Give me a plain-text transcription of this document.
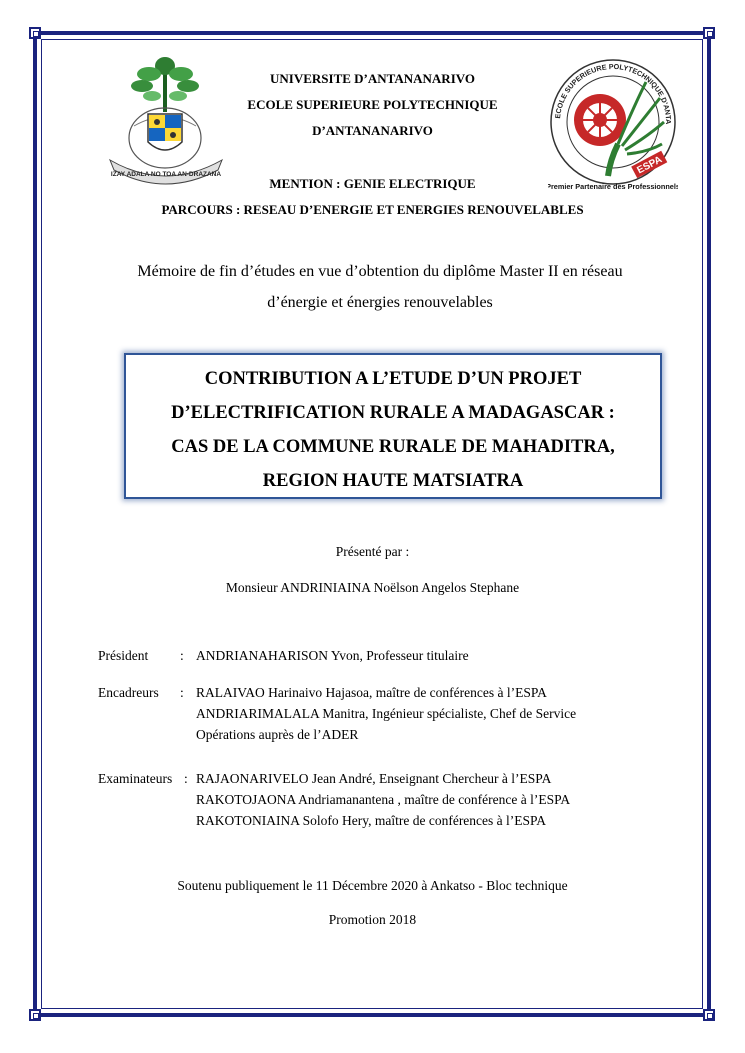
IZAY ADALA NO TOA AN-DRAZANA
ECOLE SUPERIEURE POLYTECHNIQUE D'ANTA
ESPA
Premier Partenaire des Professionnels
UNIVERSITE D’ANTANANARIVO
ECOLE SUPERIEURE POLYTECHNIQUE
D’ANTANANARIVO
MENTION : GENIE ELECTRIQUE
PARCOURS : RESEAU D’ENERGIE ET ENERGIES RENOUVELABLES
Mémoire de fin d’études en vue d’obtention du diplôme Master II en réseau
d’énergie et énergies renouvelables
CONTRIBUTION A L’ETUDE D’UN PROJET
D’ELECTRIFICATION RURALE A MADAGASCAR :
CAS DE LA COMMUNE RURALE DE MAHADITRA,
REGION HAUTE MATSIATRA
Présenté par :
Monsieur ANDRINIAINA Noëlson Angelos Stephane
Président	: ANDRIANAHARISON Yvon, Professeur titulaire
Encadreurs	: RALAIVAO Harinaivo Hajasoa, maître de conférences à l’ESPA
ANDRIARIMALALA Manitra, Ingénieur spécialiste, Chef de Service
Opérations auprès de l’ADER
Examinateurs : RAJAONARIVELO Jean André, Enseignant Chercheur à l’ESPA
RAKOTOJAONA Andriamanantena , maître de conférence à l’ESPA
RAKOTONIAINA Solofo Hery, maître de conférences à l’ESPA
Soutenu publiquement le 11 Décembre 2020 à Ankatso - Bloc technique
Promotion 2018
